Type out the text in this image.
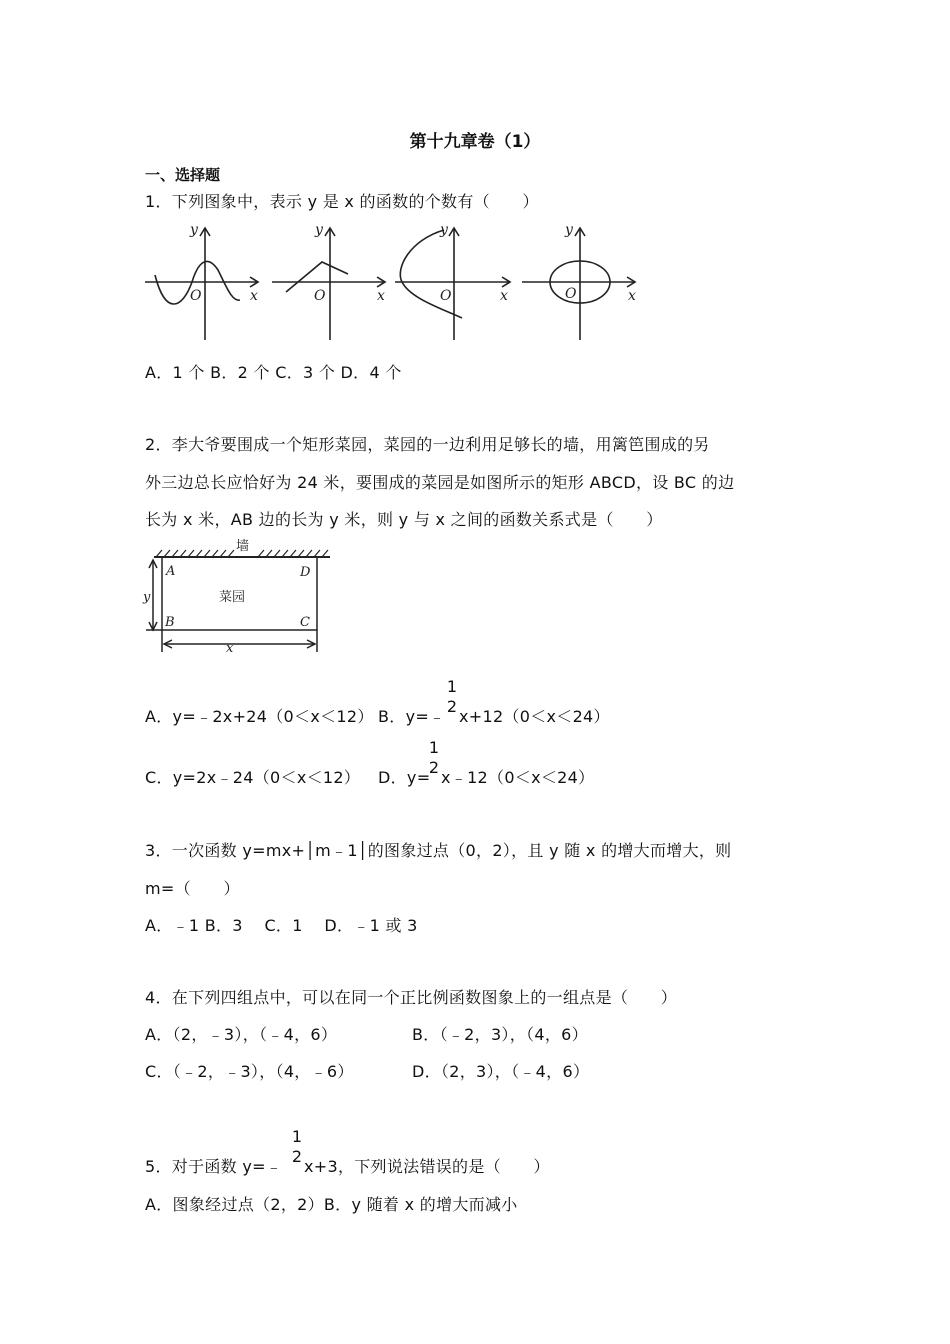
第十九章卷（1）
一、选择题
1．下列图象中，表示 y 是 x 的函数的个数有（　　）
O	x
y
O	x
y
O	x
y
O	x
y
A．1 个 B．2 个 C．3 个 D．4 个
2．李大爷要围成一个矩形菜园，菜园的一边利用足够长的墙，用篱笆围成的另
外三边总长应恰好为 24 米，要围成的菜园是如图所示的矩形 ABCD，设 BC 的边
长为 x 米，AB 边的长为 y 米，则 y 与 x 之间的函数关系式是（　　）
墙
菜园
A	D
B	C
x
y
A．y=﹣2x+24（0＜x＜12） B．y=﹣
1
2
x+12（0＜x＜24）
C．y=2x﹣24（0＜x＜12） D．y=
1
2
x﹣12（0＜x＜24）
3．一次函数 y=mx+│m﹣1│的图象过点（0，2），且 y 随 x 的增大而增大，则
m=（　　）
A．﹣1 B．3　 C．1　 D．﹣1 或 3
4．在下列四组点中，可以在同一个正比例函数图象上的一组点是（　　）
A．（2，﹣3），（﹣4，6）	B．（﹣2，3），（4，6）
C．（﹣2，﹣3），（4，﹣6）	D．（2，3），（﹣4，6）
5．对于函数 y=﹣
1
2
x+3，下列说法错误的是（　　）
A．图象经过点（2，2）B．y 随着 x 的增大而减小
